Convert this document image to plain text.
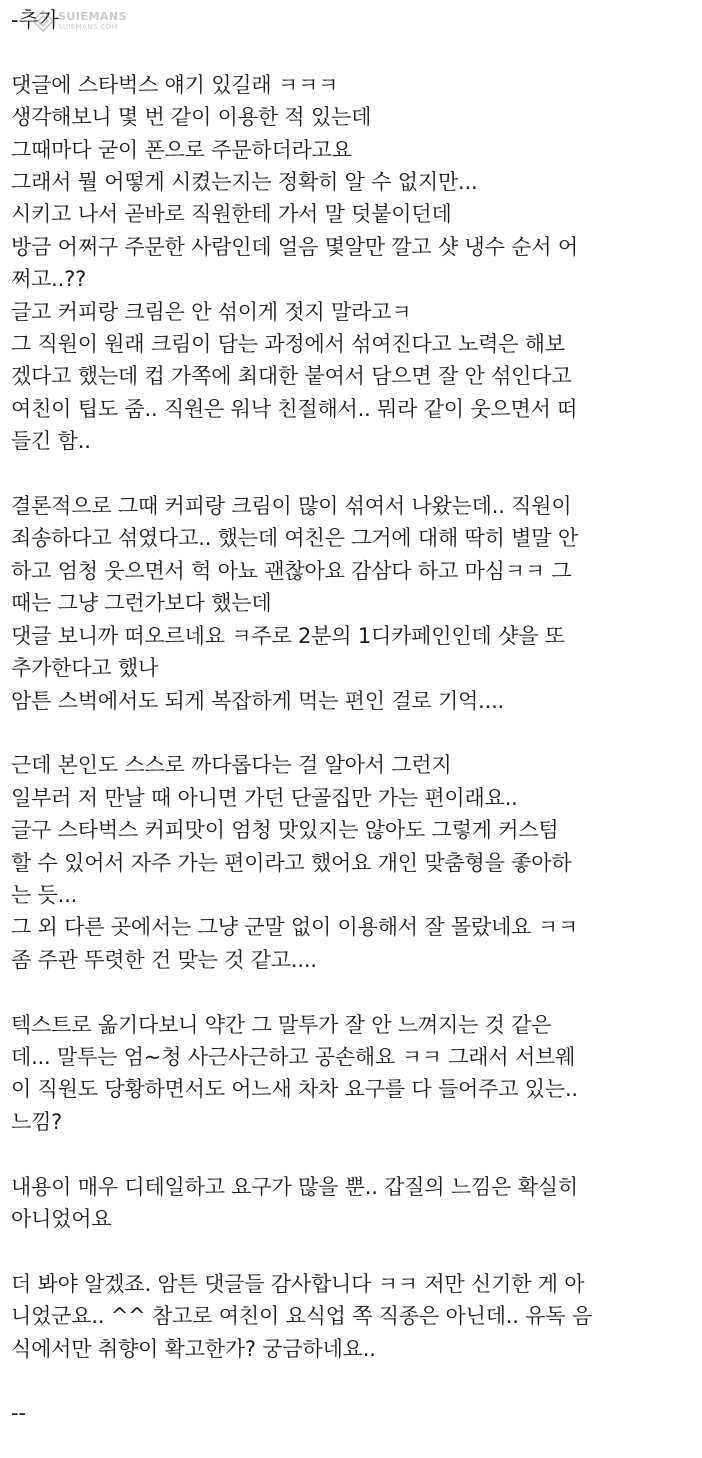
-추가
댓글에 스타벅스 얘기 있길래 ㅋㅋㅋ
생각해보니 몇 번 같이 이용한 적 있는데
그때마다 굳이 폰으로 주문하더라고요
그래서 뭘 어떻게 시켰는지는 정확히 알 수 없지만...
시키고 나서 곧바로 직원한테 가서 말 덧붙이던데
방금 어쩌구 주문한 사람인데 얼음 몇알만 깔고 샷 냉수 순서 어
쩌고..??
글고 커피랑 크림은 안 섞이게 젓지 말라고ㅋ
그 직원이 원래 크림이 담는 과정에서 섞여진다고 노력은 해보
겠다고 했는데 컵 가쪽에 최대한 붙여서 담으면 잘 안 섞인다고
여친이 팁도 줌.. 직원은 워낙 친절해서.. 뭐라 같이 웃으면서 떠
들긴 함..
결론적으로 그때 커피랑 크림이 많이 섞여서 나왔는데.. 직원이
죄송하다고 섞였다고.. 했는데 여친은 그거에 대해 딱히 별말 안
하고 엄청 웃으면서 헉 아뇨 괜찮아요 감삼다 하고 마심ㅋㅋ 그
때는 그냥 그런가보다 했는데
댓글 보니까 떠오르네요 ㅋ주로 2분의 1디카페인인데 샷을 또
추가한다고 했나
암튼 스벅에서도 되게 복잡하게 먹는 편인 걸로 기억....
근데 본인도 스스로 까다롭다는 걸 알아서 그런지
일부러 저 만날 때 아니면 가던 단골집만 가는 편이래요..
글구 스타벅스 커피맛이 엄청 맛있지는 않아도 그렇게 커스텀
할 수 있어서 자주 가는 편이라고 했어요 개인 맞춤형을 좋아하
는 듯...
그 외 다른 곳에서는 그냥 군말 없이 이용해서 잘 몰랐네요 ㅋㅋ
좀 주관 뚜렷한 건 맞는 것 같고....
텍스트로 옮기다보니 약간 그 말투가 잘 안 느껴지는 것 같은
데... 말투는 엄~청 사근사근하고 공손해요 ㅋㅋ 그래서 서브웨
이 직원도 당황하면서도 어느새 차차 요구를 다 들어주고 있는..
느낌?
내용이 매우 디테일하고 요구가 많을 뿐.. 갑질의 느낌은 확실히
아니었어요
더 봐야 알겠죠. 암튼 댓글들 감사합니다 ㅋㅋ 저만 신기한 게 아
니었군요.. ^^ 참고로 여친이 요식업 쪽 직종은 아닌데.. 유독 음
식에서만 취향이 확고한가? 궁금하네요..
--
SUIEMANS
SUIEMANS.COM
